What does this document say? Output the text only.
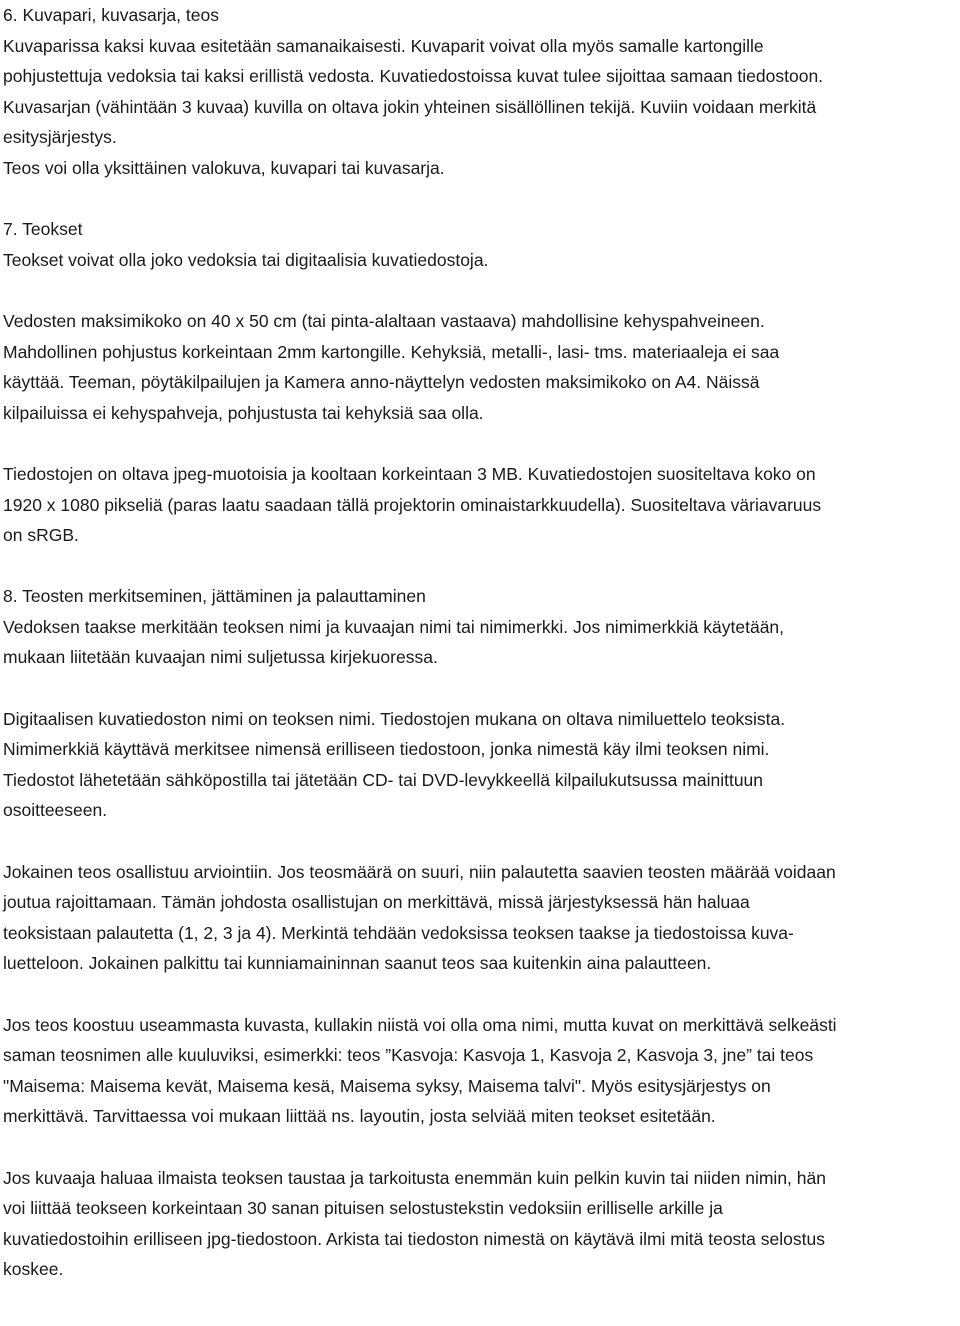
6. Kuvapari, kuvasarja, teos
Kuvaparissa kaksi kuvaa esitetään samanaikaisesti. Kuvaparit voivat olla myös samalle kartongille
pohjustettuja vedoksia tai kaksi erillistä vedosta. Kuvatiedostoissa kuvat tulee sijoittaa samaan tiedostoon.
Kuvasarjan (vähintään 3 kuvaa) kuvilla on oltava jokin yhteinen sisällöllinen tekijä. Kuviin voidaan merkitä
esitysjärjestys.
Teos voi olla yksittäinen valokuva, kuvapari tai kuvasarja.
7. Teokset
Teokset voivat olla joko vedoksia tai digitaalisia kuvatiedostoja.
Vedosten maksimikoko on 40 x 50 cm (tai pinta-alaltaan vastaava) mahdollisine kehyspahveineen.
Mahdollinen pohjustus korkeintaan 2mm kartongille. Kehyksiä, metalli-, lasi- tms. materiaaleja ei saa
käyttää. Teeman, pöytäkilpailujen ja Kamera anno-näyttelyn vedosten maksimikoko on A4. Näissä
kilpailuissa ei kehyspahveja, pohjustusta tai kehyksiä saa olla.
Tiedostojen on oltava jpeg-muotoisia ja kooltaan korkeintaan 3 MB. Kuvatiedostojen suositeltava koko on
1920 x 1080 pikseliä (paras laatu saadaan tällä projektorin ominaistarkkuudella). Suositeltava väriavaruus
on sRGB.
8. Teosten merkitseminen, jättäminen ja palauttaminen
Vedoksen taakse merkitään teoksen nimi ja kuvaajan nimi tai nimimerkki. Jos nimimerkkiä käytetään,
mukaan liitetään kuvaajan nimi suljetussa kirjekuoressa.
Digitaalisen kuvatiedoston nimi on teoksen nimi. Tiedostojen mukana on oltava nimiluettelo teoksista.
Nimimerkkiä käyttävä merkitsee nimensä erilliseen tiedostoon, jonka nimestä käy ilmi teoksen nimi.
Tiedostot lähetetään sähköpostilla tai jätetään CD- tai DVD-levykkeellä kilpailukutsussa mainittuun
osoitteeseen.
Jokainen teos osallistuu arviointiin. Jos teosmäärä on suuri, niin palautetta saavien teosten määrää voidaan
joutua rajoittamaan. Tämän johdosta osallistujan on merkittävä, missä järjestyksessä hän haluaa
teoksistaan palautetta (1, 2, 3 ja 4). Merkintä tehdään vedoksissa teoksen taakse ja tiedostoissa kuva-
luetteloon. Jokainen palkittu tai kunniamaininnan saanut teos saa kuitenkin aina palautteen.
Jos teos koostuu useammasta kuvasta, kullakin niistä voi olla oma nimi, mutta kuvat on merkittävä selkeästi
saman teosnimen alle kuuluviksi, esimerkki: teos ”Kasvoja: Kasvoja 1, Kasvoja 2, Kasvoja 3, jne” tai teos
"Maisema: Maisema kevät, Maisema kesä, Maisema syksy, Maisema talvi". Myös esitysjärjestys on
merkittävä. Tarvittaessa voi mukaan liittää ns. layoutin, josta selviää miten teokset esitetään.
Jos kuvaaja haluaa ilmaista teoksen taustaa ja tarkoitusta enemmän kuin pelkin kuvin tai niiden nimin, hän
voi liittää teokseen korkeintaan 30 sanan pituisen selostustekstin vedoksiin erilliselle arkille ja
kuvatiedostoihin erilliseen jpg-tiedostoon. Arkista tai tiedoston nimestä on käytävä ilmi mitä teosta selostus
koskee.
